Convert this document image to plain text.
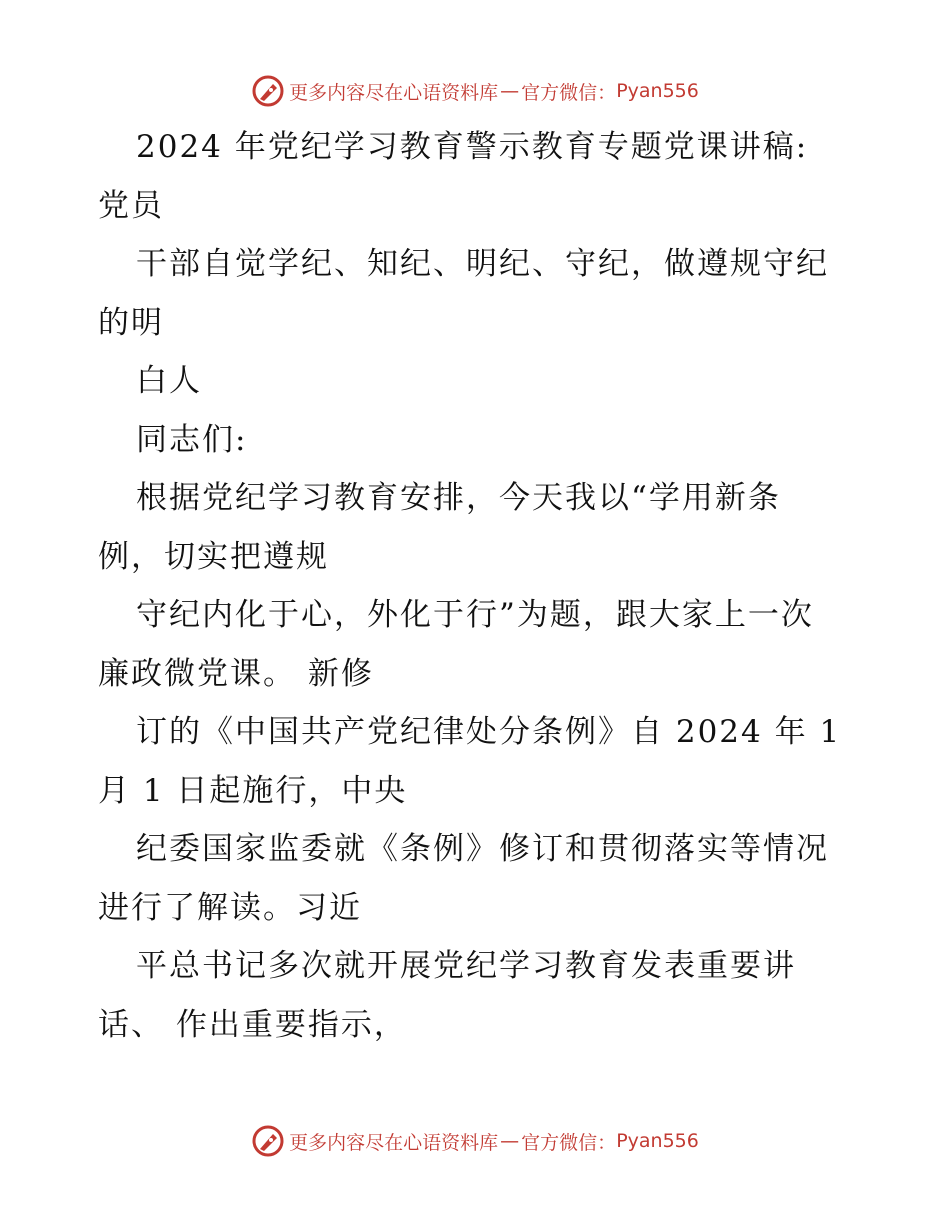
更多内容尽在心语资料库 — 官方微信： Pyan556
2024 年党纪学习教育警示教育专题党课讲稿:
党员
干部自觉学纪、知纪、明纪、守纪，做遵规守纪
的明
白人
同志们:
根据党纪学习教育安排，今天我以“学用新条
例，切实把遵规
守纪内化于心，外化于行”为题，跟大家上一次
廉政微党课。 新修
订的《中国共产党纪律处分条例》自 2024 年 1
月 1 日起施行，中央
纪委国家监委就《条例》修订和贯彻落实等情况
进行了解读。习近
平总书记多次就开展党纪学习教育发表重要讲
话、 作出重要指示，
更多内容尽在心语资料库 — 官方微信： Pyan556
